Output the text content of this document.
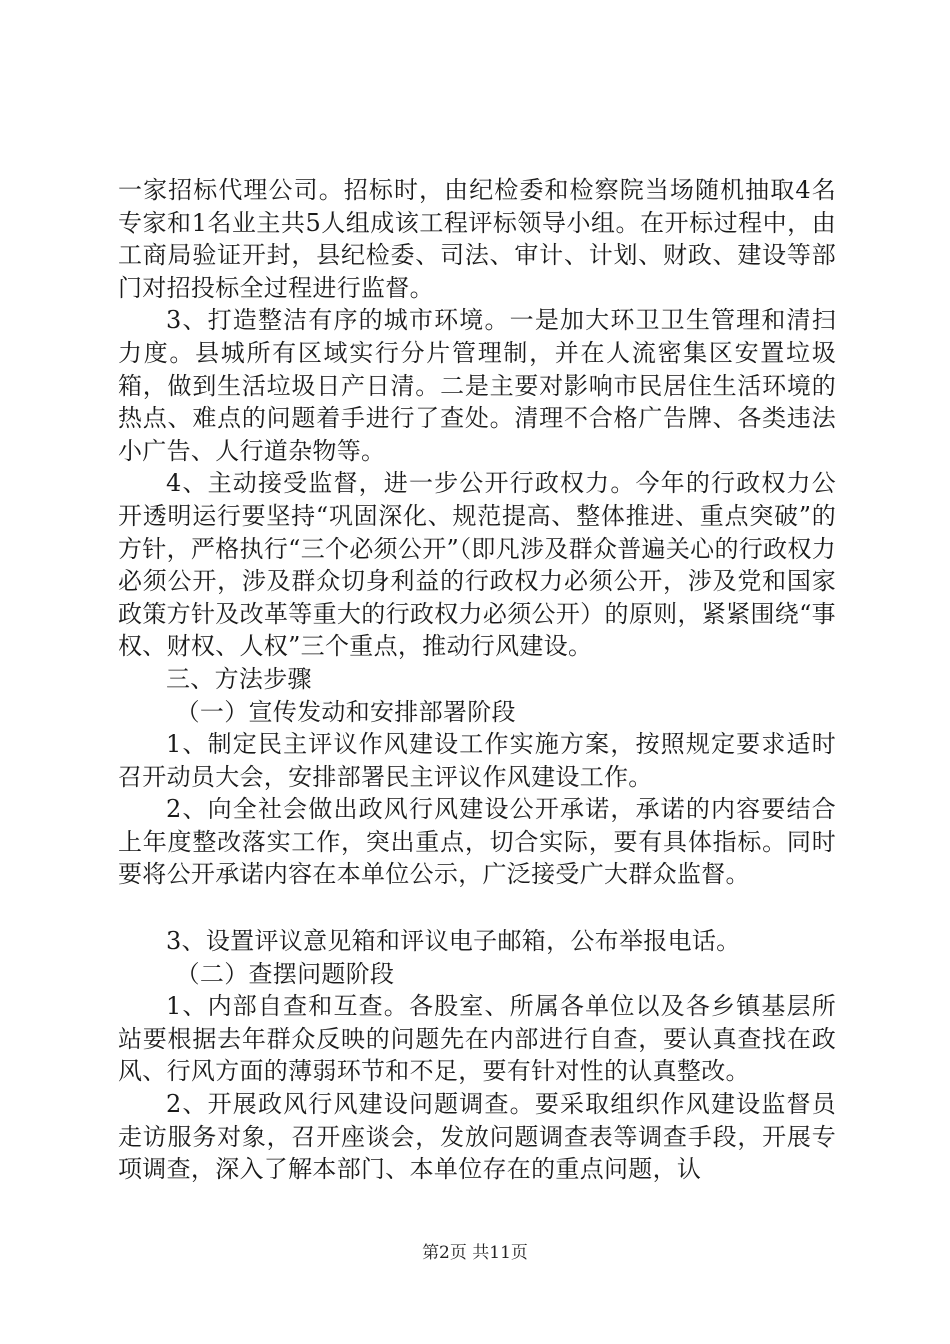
一家招标代理公司。招标时，由纪检委和检察院当场随机抽取4名专家和1名业主共5人组成该工程评标领导小组。在开标过程中，由工商局验证开封，县纪检委、司法、审计、计划、财政、建设等部门对招投标全过程进行监督。

3、打造整洁有序的城市环境。一是加大环卫卫生管理和清扫力度。县城所有区域实行分片管理制，并在人流密集区安置垃圾箱，做到生活垃圾日产日清。二是主要对影响市民居住生活环境的热点、难点的问题着手进行了查处。清理不合格广告牌、各类违法小广告、人行道杂物等。

4、主动接受监督，进一步公开行政权力。今年的行政权力公开透明运行要坚持“巩固深化、规范提高、整体推进、重点突破”的方针，严格执行“三个必须公开”（即凡涉及群众普遍关心的行政权力必须公开，涉及群众切身利益的行政权力必须公开，涉及党和国家政策方针及改革等重大的行政权力必须公开）的原则，紧紧围绕“事权、财权、人权”三个重点，推动行风建设。

三、方法步骤

（一）宣传发动和安排部署阶段

1、制定民主评议作风建设工作实施方案，按照规定要求适时召开动员大会，安排部署民主评议作风建设工作。

2、向全社会做出政风行风建设公开承诺，承诺的内容要结合上年度整改落实工作，突出重点，切合实际，要有具体指标。同时要将公开承诺内容在本单位公示，广泛接受广大群众监督。

3、设置评议意见箱和评议电子邮箱，公布举报电话。

（二）查摆问题阶段

1、内部自查和互查。各股室、所属各单位以及各乡镇基层所站要根据去年群众反映的问题先在内部进行自查，要认真查找在政风、行风方面的薄弱环节和不足，要有针对性的认真整改。

2、开展政风行风建设问题调查。要采取组织作风建设监督员走访服务对象，召开座谈会，发放问题调查表等调查手段，开展专项调查，深入了解本部门、本单位存在的重点问题，认

第2页 共11页
